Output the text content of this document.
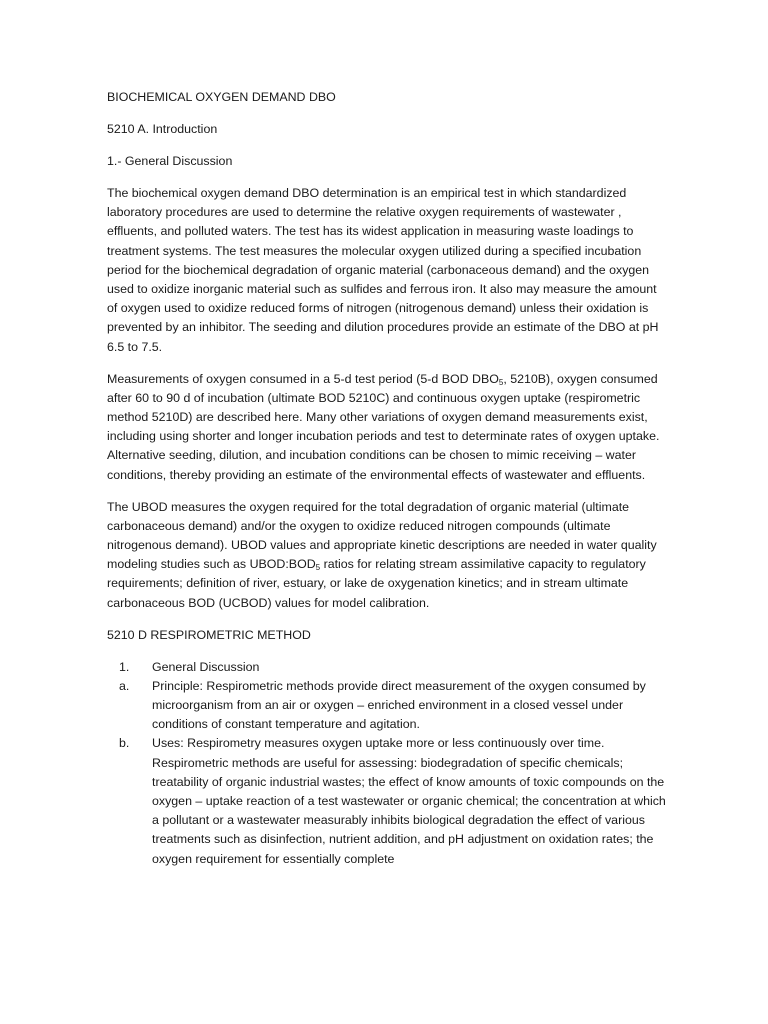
BIOCHEMICAL OXYGEN DEMAND DBO

5210 A. Introduction

1.- General Discussion

The biochemical oxygen demand DBO determination is an empirical test in which standardized laboratory procedures are used to determine the relative oxygen requirements of wastewater , effluents, and polluted waters. The test has its widest application in measuring waste loadings to treatment systems. The test measures the molecular oxygen utilized during a specified incubation period for the biochemical degradation of organic material (carbonaceous demand) and the oxygen used to oxidize inorganic material such as sulfides and ferrous iron. It also may measure the amount of oxygen used to oxidize reduced forms of nitrogen (nitrogenous demand) unless their oxidation is prevented by an inhibitor. The seeding and dilution procedures provide an estimate of the DBO at pH 6.5 to 7.5.

Measurements of oxygen consumed in a 5-d test period (5-d BOD $DBO_5$, 5210B), oxygen consumed after 60 to 90 d of incubation (ultimate BOD 5210C) and continuous oxygen uptake (respirometric method 5210D) are described here. Many other variations of oxygen demand measurements exist, including using shorter and longer incubation periods and test to determinate rates of oxygen uptake. Alternative seeding, dilution, and incubation conditions can be chosen to mimic receiving – water conditions, thereby providing an estimate of the environmental effects of wastewater and effluents.

The UBOD measures the oxygen required for the total degradation of organic material (ultimate carbonaceous demand) and/or the oxygen to oxidize reduced nitrogen compounds (ultimate nitrogenous demand). UBOD values and appropriate kinetic descriptions are needed in water quality modeling studies such as $UBOD:BOD_5$ ratios for relating stream assimilative capacity to regulatory requirements; definition of river, estuary, or lake de oxygenation kinetics; and in stream ultimate carbonaceous BOD (UCBOD) values for model calibration.

5210 D RESPIROMETRIC METHOD

1. General Discussion
a. Principle: Respirometric methods provide direct measurement of the oxygen consumed by microorganism from an air or oxygen – enriched environment in a closed vessel under conditions of constant temperature and agitation.
b. Uses: Respirometry measures oxygen uptake more or less continuously over time. Respirometric methods are useful for assessing: biodegradation of specific chemicals; treatability of organic industrial wastes; the effect of know amounts of toxic compounds on the oxygen – uptake reaction of a test wastewater or organic chemical; the concentration at which a pollutant or a wastewater measurably inhibits biological degradation the effect of various treatments such as disinfection, nutrient addition, and pH adjustment on oxidation rates; the oxygen requirement for essentially complete
